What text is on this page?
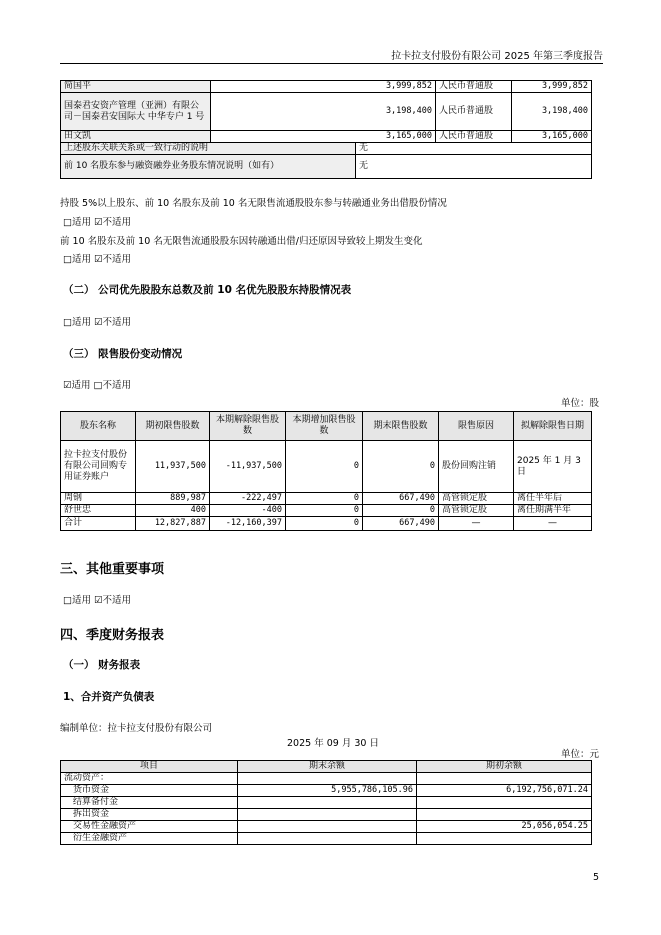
拉卡拉支付股份有限公司 2025 年第三季度报告
简国平	3,999,852		人民币普通股	3,999,852
国泰君安资产管理（亚洲）有限公司－国泰君安国际大 中华专户 1 号	3,198,400		人民币普通股	3,198,400
田文凯	3,165,000		人民币普通股	3,165,000
上述股东关联关系或一致行动的说明		无		
前 10 名股东参与融资融券业务股东情况说明（如有）		无		
持股 5%以上股东、前 10 名股东及前 10 名无限售流通股股东参与转融通业务出借股份情况
□适用 ☑不适用
前 10 名股东及前 10 名无限售流通股股东因转融通出借/归还原因导致较上期发生变化
□适用 ☑不适用
（二） 公司优先股股东总数及前 10 名优先股股东持股情况表
□适用 ☑不适用
（三） 限售股份变动情况
☑适用 □不适用
单位：股
股东名称	期初限售股数	本期解除限售股数	本期增加限售股数	期末限售股数	限售原因	拟解除限售日期
拉卡拉支付股份有限公司回购专用证券账户	11,937,500	-11,937,500	0	0	股份回购注销	2025 年 1 月 3 日
周钢	889,987	-222,497	0	667,490	高管锁定股	离任半年后
舒世忠	400	-400	0	0	高管锁定股	离任期满半年
合计	12,827,887	-12,160,397	0	667,490	—	—
三、其他重要事项
□适用 ☑不适用
四、季度财务报表
（一） 财务报表
1、合并资产负债表
编制单位：拉卡拉支付股份有限公司
2025 年 09 月 30 日
单位：元
项目	期末余额	期初余额
流动资产：		
货币资金	5,955,786,105.96	6,192,756,071.24
结算备付金		
拆出资金		
交易性金融资产		25,056,054.25
衍生金融资产		
5
